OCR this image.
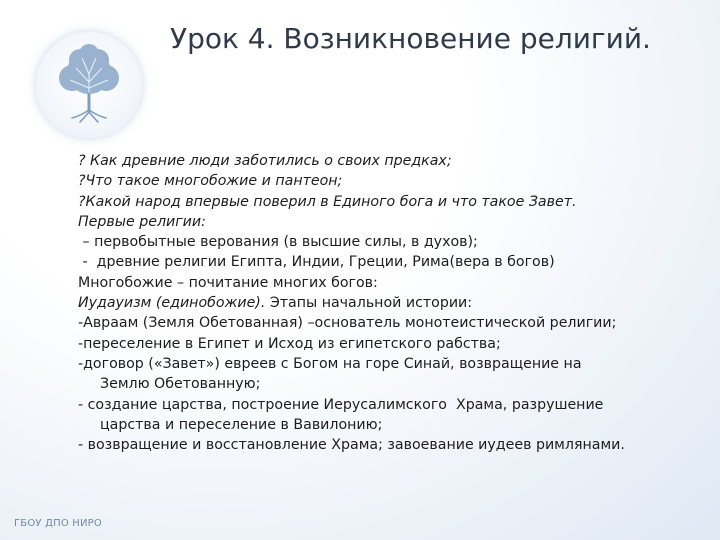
Урок 4. Возникновение религий.
? Как древние люди заботились о своих предках;
?Что такое многобожие и пантеон;
?Какой народ впервые поверил в Единого бога и что такое Завет.
Первые религии:
– первобытные верования (в высшие силы, в духов);
-  древние религии Египта, Индии, Греции, Рима(вера в богов)
Многобожие – почитание многих богов:
Иудауизм (единобожие). Этапы начальной истории:
-Авраам (Земля Обетованная) –основатель монотеистической религии;
-переселение в Египет и Исход из египетского рабства;
-договор («Завет») евреев с Богом на горе Синай, возвращение на
Землю Обетованную;
- создание царства, построение Иерусалимского  Храма, разрушение
царства и переселение в Вавилонию;
- возвращение и восстановление Храма; завоевание иудеев римлянами.
ГБОУ ДПО НИРО
